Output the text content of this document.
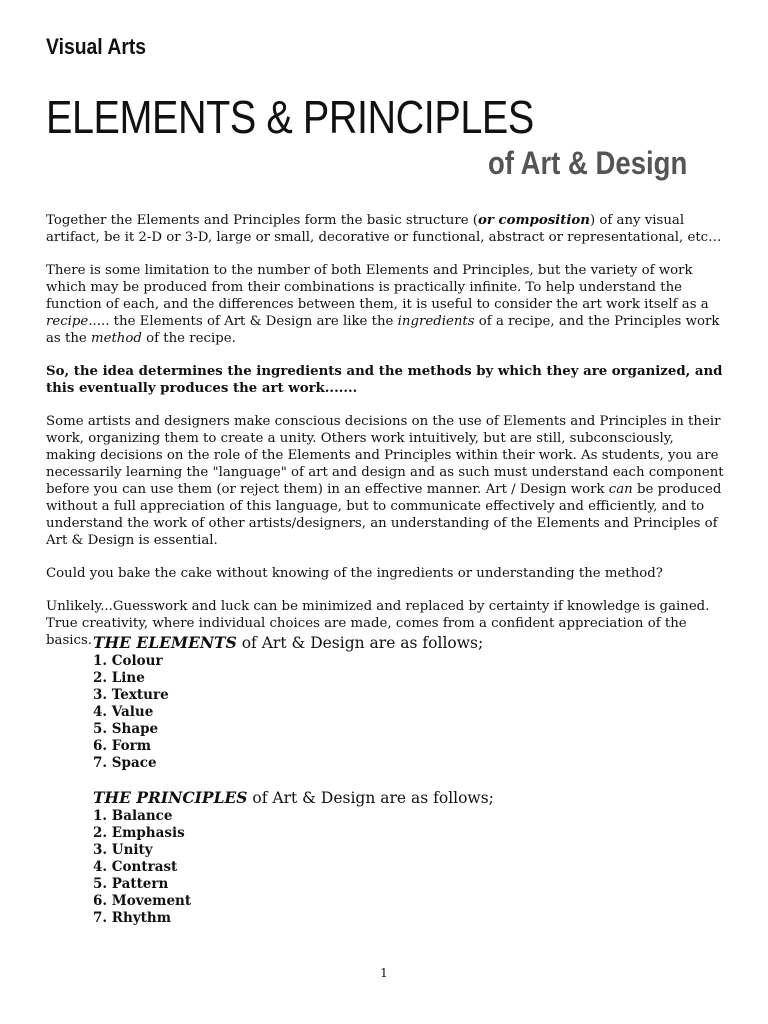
Visual Arts
ELEMENTS & PRINCIPLES
of Art & Design

Together the Elements and Principles form the basic structure (or composition) of any visual artifact, be it 2-D or 3-D, large or small, decorative or functional, abstract or representational, etc…

There is some limitation to the number of both Elements and Principles, but the variety of work which may be produced from their combinations is practically infinite. To help understand the function of each, and the differences between them, it is useful to consider the art work itself as a recipe..... the Elements of Art & Design are like the ingredients of a recipe, and the Principles work as the method of the recipe.

So, the idea determines the ingredients and the methods by which they are organized, and this eventually produces the art work.......

Some artists and designers make conscious decisions on the use of Elements and Principles in their work, organizing them to create a unity. Others work intuitively, but are still, subconsciously, making decisions on the role of the Elements and Principles within their work. As students, you are necessarily learning the "language" of art and design and as such must understand each component before you can use them (or reject them) in an effective manner. Art / Design work can be produced without a full appreciation of this language, but to communicate effectively and efficiently, and to understand the work of other artists/designers, an understanding of the Elements and Principles of Art & Design is essential.

Could you bake the cake without knowing of the ingredients or understanding the method?

Unlikely...Guesswork and luck can be minimized and replaced by certainty if knowledge is gained. True creativity, where individual choices are made, comes from a confident appreciation of the basics. THE ELEMENTS of Art & Design are as follows;
1. Colour
2. Line
3. Texture
4. Value
5. Shape
6. Form
7. Space
THE PRINCIPLES of Art & Design are as follows;
1. Balance
2. Emphasis
3. Unity
4. Contrast
5. Pattern
6. Movement
7. Rhythm
1
